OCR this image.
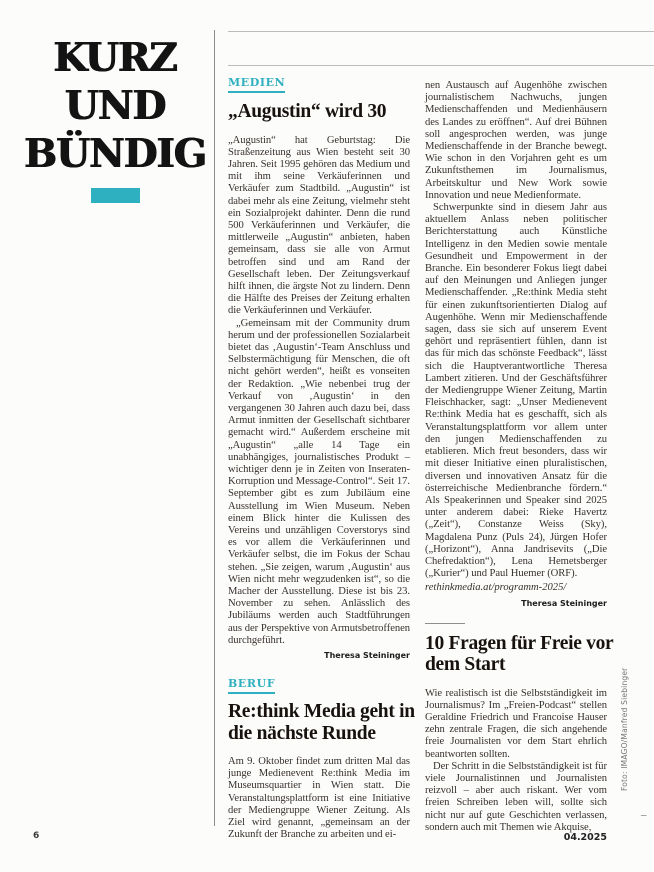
KURZ
UND
BÜNDIG
MEDIEN
„Augustin“ wird 30

„Augustin“ hat Geburtstag: Die Straßenzeitung aus Wien besteht seit 30 Jahren. Seit 1995 gehören das Medium und mit ihm seine Verkäuferinnen und Verkäufer zum Stadtbild. „Augustin“ ist dabei mehr als eine Zeitung, vielmehr steht ein Sozialprojekt dahinter. Denn die rund 500 Verkäuferinnen und Verkäufer, die mittlerweile „Augustin“ anbieten, haben gemeinsam, dass sie alle von Armut betroffen sind und am Rand der Gesellschaft leben. Der Zeitungsverkauf hilft ihnen, die ärgste Not zu lindern. Denn die Hälfte des Preises der Zeitung erhalten die Verkäuferinnen und Verkäufer.

„Gemeinsam mit der Community drum herum und der professionellen Sozialarbeit bietet das ‚Augustin‘-Team Anschluss und Selbstermächtigung für Menschen, die oft nicht gehört werden“, heißt es vonseiten der Redaktion. „Wie nebenbei trug der Verkauf von ‚Augustin‘ in den vergangenen 30 Jahren auch dazu bei, dass Armut inmitten der Gesellschaft sichtbarer gemacht wird.“ Außerdem erscheine mit „Augustin“ „alle 14 Tage ein unabhängiges, journalistisches Produkt – wichtiger denn je in Zeiten von Inseraten-Korruption und Message-Control“. Seit 17. September gibt es zum Jubiläum eine Ausstellung im Wien Museum. Neben einem Blick hinter die Kulissen des Vereins und unzähligen Coverstorys sind es vor allem die Verkäuferinnen und Verkäufer selbst, die im Fokus der Schau stehen. „Sie zeigen, warum ‚Augustin‘ aus Wien nicht mehr wegzudenken ist“, so die Macher der Ausstellung. Diese ist bis 23. November zu sehen. Anlässlich des Jubiläums werden auch Stadtführungen aus der Perspektive von Armutsbetroffenen durchgeführt.

Theresa Steininger
BERUF
Re:think Media geht in
die nächste Runde

Am 9. Oktober findet zum dritten Mal das junge Medienevent Re:think Media im Museumsquartier in Wien statt. Die Veranstaltungsplattform ist eine Initiative der Mediengruppe Wiener Zeitung. Als Ziel wird genannt, „gemeinsam an der Zukunft der Branche zu arbeiten und ei-

nen Austausch auf Augenhöhe zwischen journalistischem Nachwuchs, jungen Medienschaffenden und Medienhäusern des Landes zu eröffnen“. Auf drei Bühnen soll angesprochen werden, was junge Medienschaffende in der Branche bewegt. Wie schon in den Vorjahren geht es um Zukunftsthemen im Journalismus, Arbeitskultur und New Work sowie Innovation und neue Medienformate.

Schwerpunkte sind in diesem Jahr aus aktuellem Anlass neben politischer Berichterstattung auch Künstliche Intelligenz in den Medien sowie mentale Gesundheit und Empowerment in der Branche. Ein besonderer Fokus liegt dabei auf den Meinungen und Anliegen junger Medienschaffender. „Re:think Media steht für einen zukunftsorientierten Dialog auf Augenhöhe. Wenn mir Medienschaffende sagen, dass sie sich auf unserem Event gehört und repräsentiert fühlen, dann ist das für mich das schönste Feedback“, lässt sich die Hauptverantwortliche Theresa Lambert zitieren. Und der Geschäftsführer der Mediengruppe Wiener Zeitung, Martin Fleischhacker, sagt: „Unser Medienevent Re:think Media hat es geschafft, sich als Veranstaltungsplattform vor allem unter den jungen Medienschaffenden zu etablieren. Mich freut besonders, dass wir mit dieser Initiative einen pluralistischen, diversen und innovativen Ansatz für die österreichische Medienbranche fördern.“ Als Speakerinnen und Speaker sind 2025 unter anderem dabei: Rieke Havertz („Zeit“), Constanze Weiss (Sky), Magdalena Punz (Puls 24), Jürgen Hofer („Horizont“), Anna Jandrisevits („Die Chefredaktion“), Lena Hemetsberger („Kurier“) und Paul Huemer (ORF).

rethinkmedia.at/programm-2025/
Theresa Steininger
10 Fragen für Freie vor
dem Start

Wie realistisch ist die Selbstständigkeit im Journalismus? Im „Freien-Podcast“ stellen Geraldine Friedrich und Francoise Hauser zehn zentrale Fragen, die sich angehende freie Journalisten vor dem Start ehrlich beantworten sollten.

Der Schritt in die Selbstständigkeit ist für viele Journalistinnen und Journalisten reizvoll – aber auch riskant. Wer vom freien Schreiben leben will, sollte sich nicht nur auf gute Geschichten verlassen, sondern auch mit Themen wie Akquise,

Foto: IMAGO/Manfred Siebinger
6	04.2025
–
